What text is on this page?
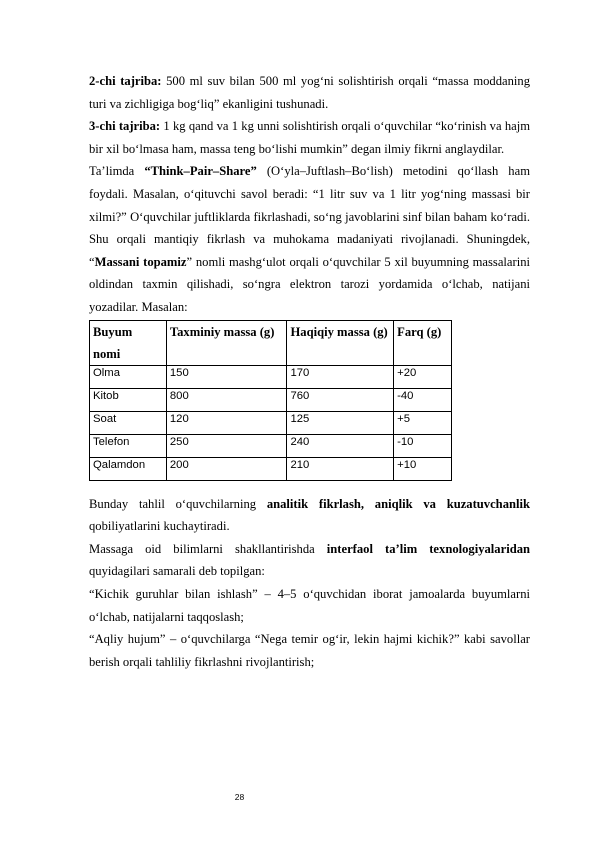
2-chi tajriba: 500 ml suv bilan 500 ml yog‘ni solishtirish orqali “massa moddaning turi va zichligiga bog‘liq” ekanligini tushunadi.

3-chi tajriba: 1 kg qand va 1 kg unni solishtirish orqali o‘quvchilar “ko‘rinish va hajm bir xil bo‘lmasa ham, massa teng bo‘lishi mumkin” degan ilmiy fikrni anglaydilar.

Ta’limda “Think–Pair–Share” (O‘yla–Juftlash–Bo‘lish) metodini qo‘llash ham foydali. Masalan, o‘qituvchi savol beradi: “1 litr suv va 1 litr yog‘ning massasi bir xilmi?” O‘quvchilar juftliklarda fikrlashadi, so‘ng javoblarini sinf bilan baham ko‘radi. Shu orqali mantiqiy fikrlash va muhokama madaniyati rivojlanadi. Shuningdek, “Massani topamiz” nomli mashg‘ulot orqali o‘quvchilar 5 xil buyumning massalarini oldindan taxmin qilishadi, so‘ngra elektron tarozi yordamida o‘lchab, natijani yozadilar. Masalan:

Buyum nomi	Taxminiy massa (g)	Haqiqiy massa (g)	Farq (g)
Olma	150	170	+20
Kitob	800	760	-40
Soat	120	125	+5
Telefon	250	240	-10
Qalamdon	200	210	+10

Bunday tahlil o‘quvchilarning analitik fikrlash, aniqlik va kuzatuvchanlik qobiliyatlarini kuchaytiradi.

Massaga oid bilimlarni shakllantirishda interfaol ta’lim texnologiyalaridan quyidagilari samarali deb topilgan:

“Kichik guruhlar bilan ishlash” – 4–5 o‘quvchidan iborat jamoalarda buyumlarni o‘lchab, natijalarni taqqoslash;

“Aqliy hujum” – o‘quvchilarga “Nega temir og‘ir, lekin hajmi kichik?” kabi savollar berish orqali tahliliy fikrlashni rivojlantirish;

28
